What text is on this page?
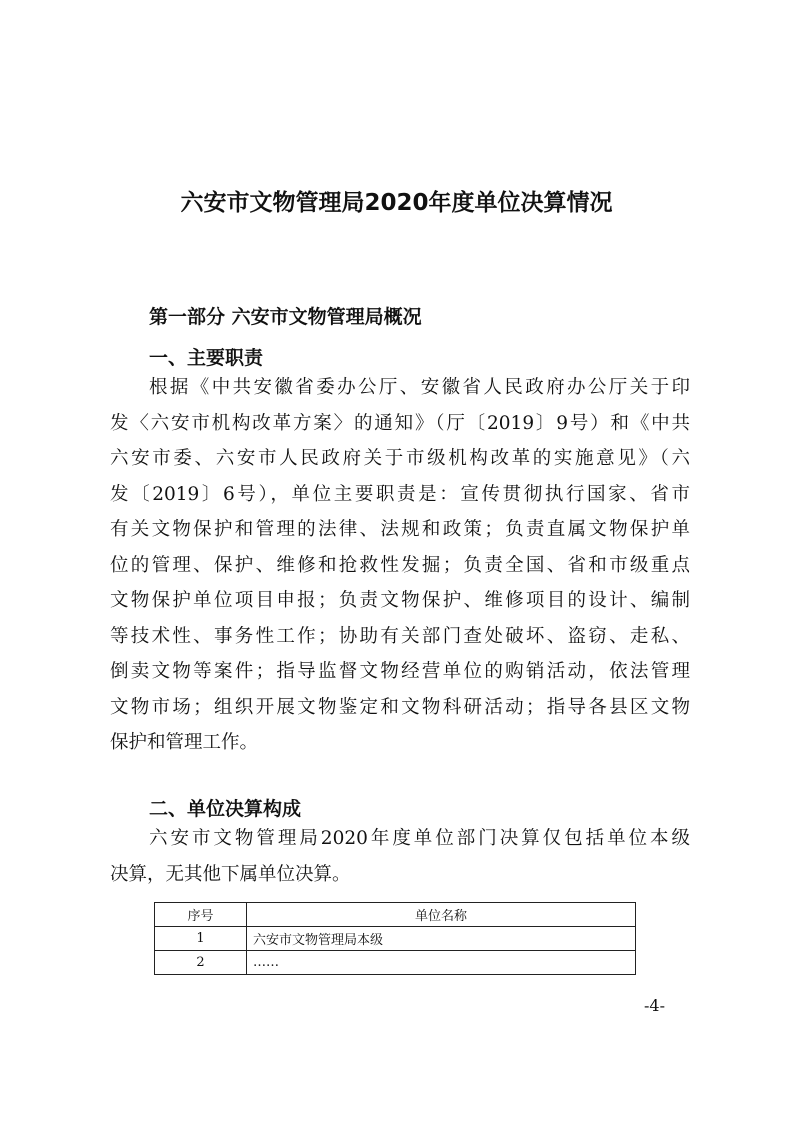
六安市文物管理局2020年度单位决算情况
第一部分 六安市文物管理局概况
一、主要职责
根据《中共安徽省委办公厅、安徽省人民政府办公厅关于印
发〈六安市机构改革方案〉的通知》（厅〔2019〕9号）和《中共
六安市委、六安市人民政府关于市级机构改革的实施意见》（六
发〔2019〕6号），单位主要职责是：宣传贯彻执行国家、省市
有关文物保护和管理的法律、法规和政策；负责直属文物保护单
位的管理、保护、维修和抢救性发掘；负责全国、省和市级重点
文物保护单位项目申报；负责文物保护、维修项目的设计、编制
等技术性、事务性工作；协助有关部门查处破坏、盗窃、走私、
倒卖文物等案件；指导监督文物经营单位的购销活动，依法管理
文物市场；组织开展文物鉴定和文物科研活动；指导各县区文物
保护和管理工作。
二、单位决算构成
六安市文物管理局2020年度单位部门决算仅包括单位本级
决算，无其他下属单位决算。
序号	单位名称
1	六安市文物管理局本级
2	……
-4-
